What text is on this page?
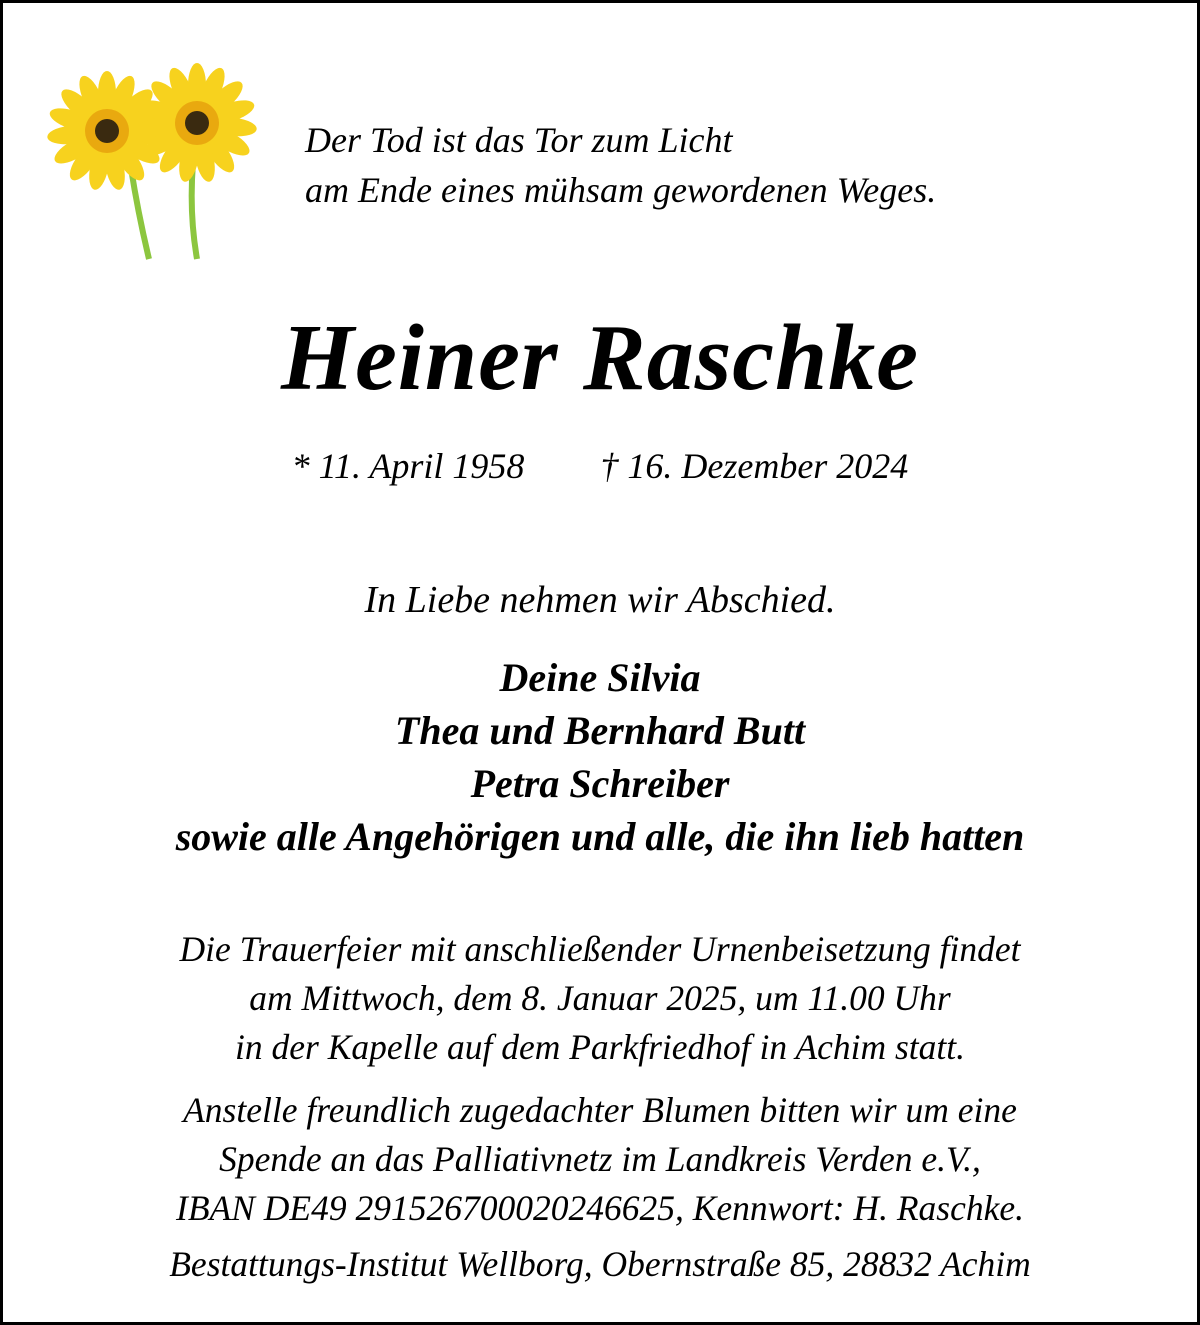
Der Tod ist das Tor zum Licht
am Ende eines mühsam gewordenen Weges.
Heiner Raschke
* 11. April 1958 † 16. Dezember 2024
In Liebe nehmen wir Abschied.
Deine Silvia
Thea und Bernhard Butt
Petra Schreiber
sowie alle Angehörigen und alle, die ihn lieb hatten
Die Trauerfeier mit anschließender Urnenbeisetzung findet
am Mittwoch, dem 8. Januar 2025, um 11.00 Uhr
in der Kapelle auf dem Parkfriedhof in Achim statt.
Anstelle freundlich zugedachter Blumen bitten wir um eine
Spende an das Palliativnetz im Landkreis Verden e.V.,
IBAN DE49 291526700020246625, Kennwort: H. Raschke.
Bestattungs-Institut Wellborg, Obernstraße 85, 28832 Achim
